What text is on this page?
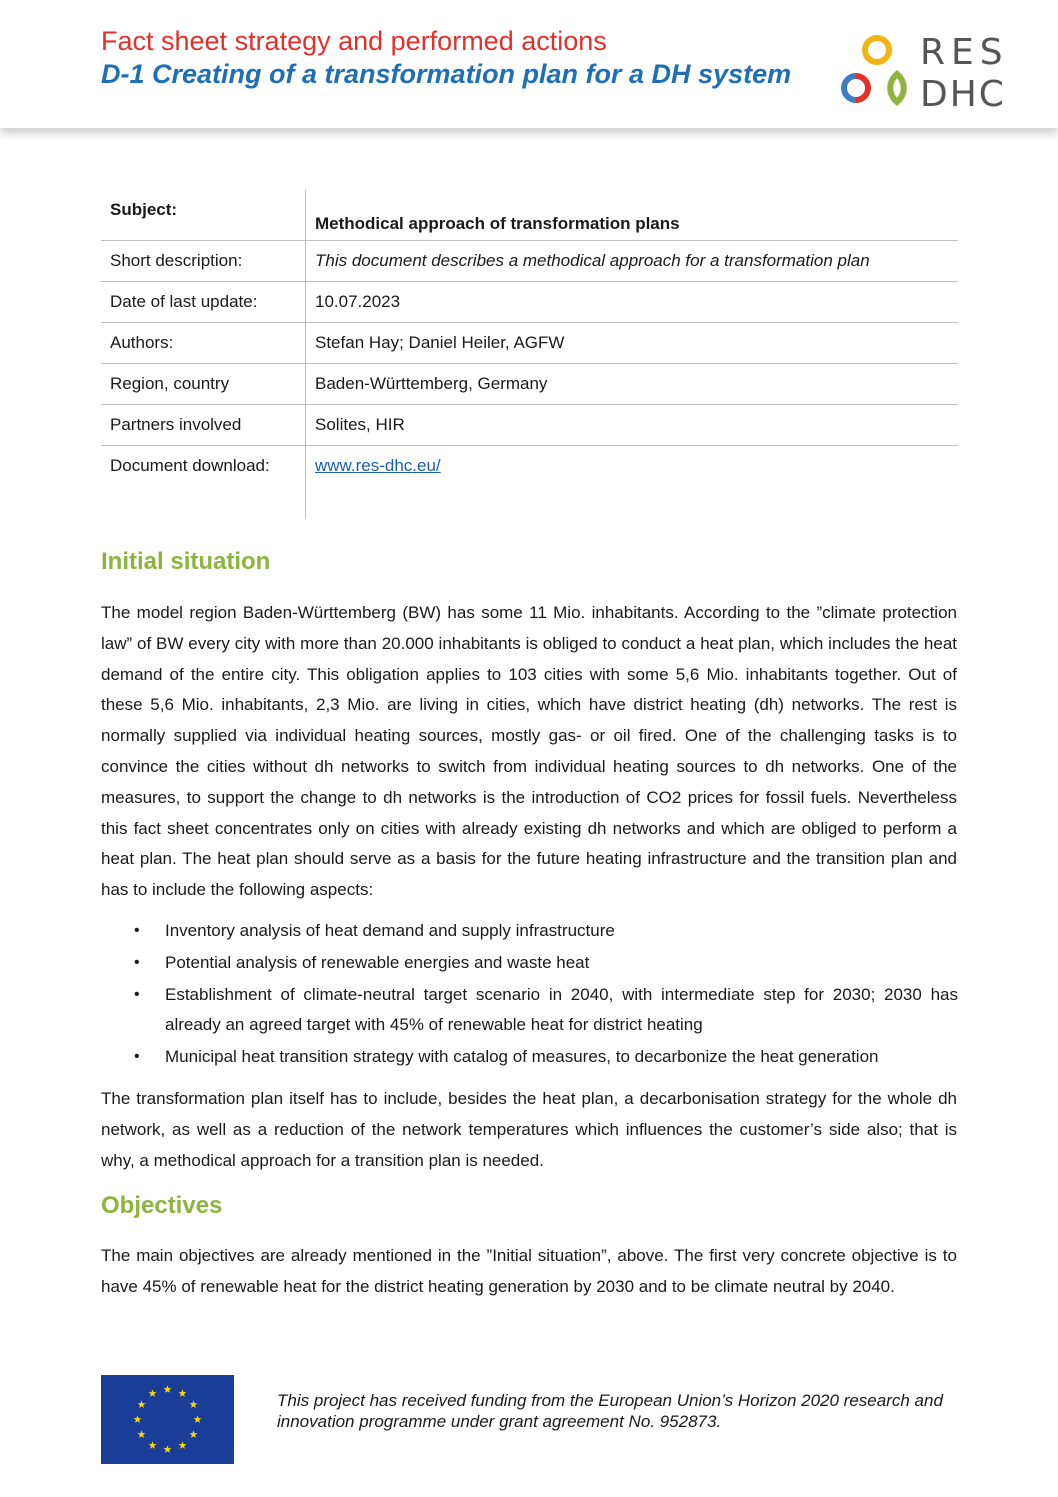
Fact sheet strategy and performed actions
D-1 Creating of a transformation plan for a DH system
RES
DHC
Subject:	Methodical approach of transformation plans
Short description:	This document describes a methodical approach for a transformation plan
Date of last update:	10.07.2023
Authors:	Stefan Hay; Daniel Heiler, AGFW
Region, country	Baden-Württemberg, Germany
Partners involved	Solites, HIR
Document download:	www.res-dhc.eu/
Initial situation

The model region Baden-Württemberg (BW) has some 11 Mio. inhabitants. According to the ”climate protection law” of BW every city with more than 20.000 inhabitants is obliged to conduct a heat plan, which includes the heat demand of the entire city. This obligation applies to 103 cities with some 5,6 Mio. inhabitants together. Out of these 5,6 Mio. inhabitants, 2,3 Mio. are living in cities, which have district heating (dh) networks. The rest is normally supplied via individual heating sources, mostly gas- or oil fired. One of the challenging tasks is to convince the cities without dh networks to switch from individual heating sources to dh networks. One of the measures, to support the change to dh networks is the introduction of CO2 prices for fossil fuels. Nevertheless this fact sheet concentrates only on cities with already existing dh networks and which are obliged to perform a heat plan. The heat plan should serve as a basis for the future heating infrastructure and the transition plan and has to include the following aspects:

• Inventory analysis of heat demand and supply infrastructure
• Potential analysis of renewable energies and waste heat
• Establishment of climate-neutral target scenario in 2040, with intermediate step for 2030; 2030 has already an agreed target with 45% of renewable heat for district heating
• Municipal heat transition strategy with catalog of measures, to decarbonize the heat generation

The transformation plan itself has to include, besides the heat plan, a decarbonisation strategy for the whole dh network, as well as a reduction of the network temperatures which influences the customer’s side also; that is why, a methodical approach for a transition plan is needed.

Objectives

The main objectives are already mentioned in the ”Initial situation”, above. The first very concrete objective is to have 45% of renewable heat for the district heating generation by 2030 and to be climate neutral by 2040.

This project has received funding from the European Union’s Horizon 2020 research and innovation programme under grant agreement No. 952873.
